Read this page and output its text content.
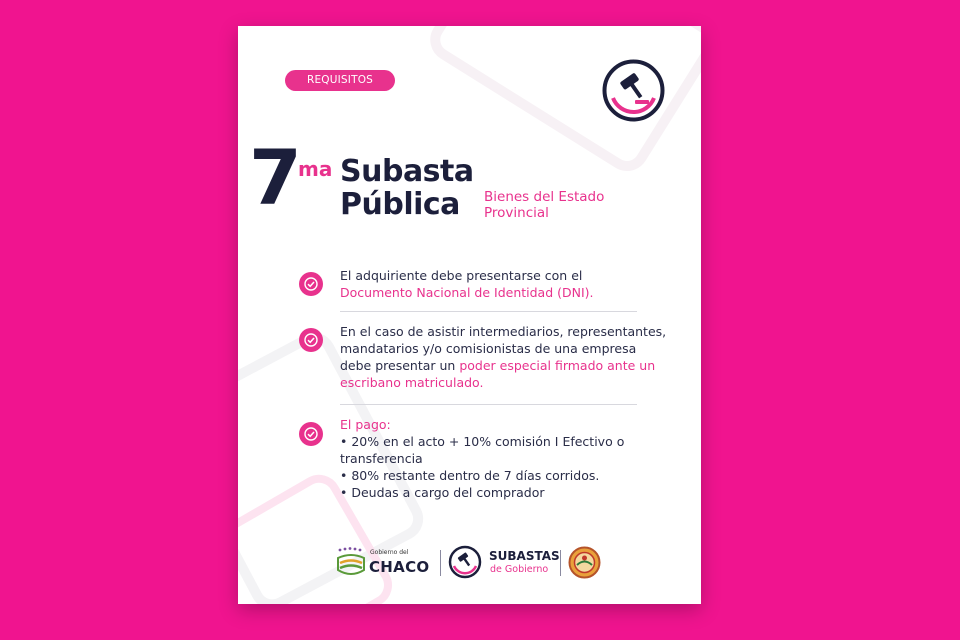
REQUISITOS
7
ma Subasta
Pública Bienes del Estado Provincial
El adquiriente debe presentarse con el
Documento Nacional de Identidad (DNI).
En el caso de asistir intermediarios, representantes, mandatarios y/o comisionistas de una empresa debe presentar un poder especial firmado ante un escribano matriculado.
El pago:
• 20% en el acto + 10% comisión I Efectivo o transferencia
• 80% restante dentro de 7 días corridos.
• Deudas a cargo del comprador
Gobierno del
CHACO
SUBASTAS
de Gobierno
